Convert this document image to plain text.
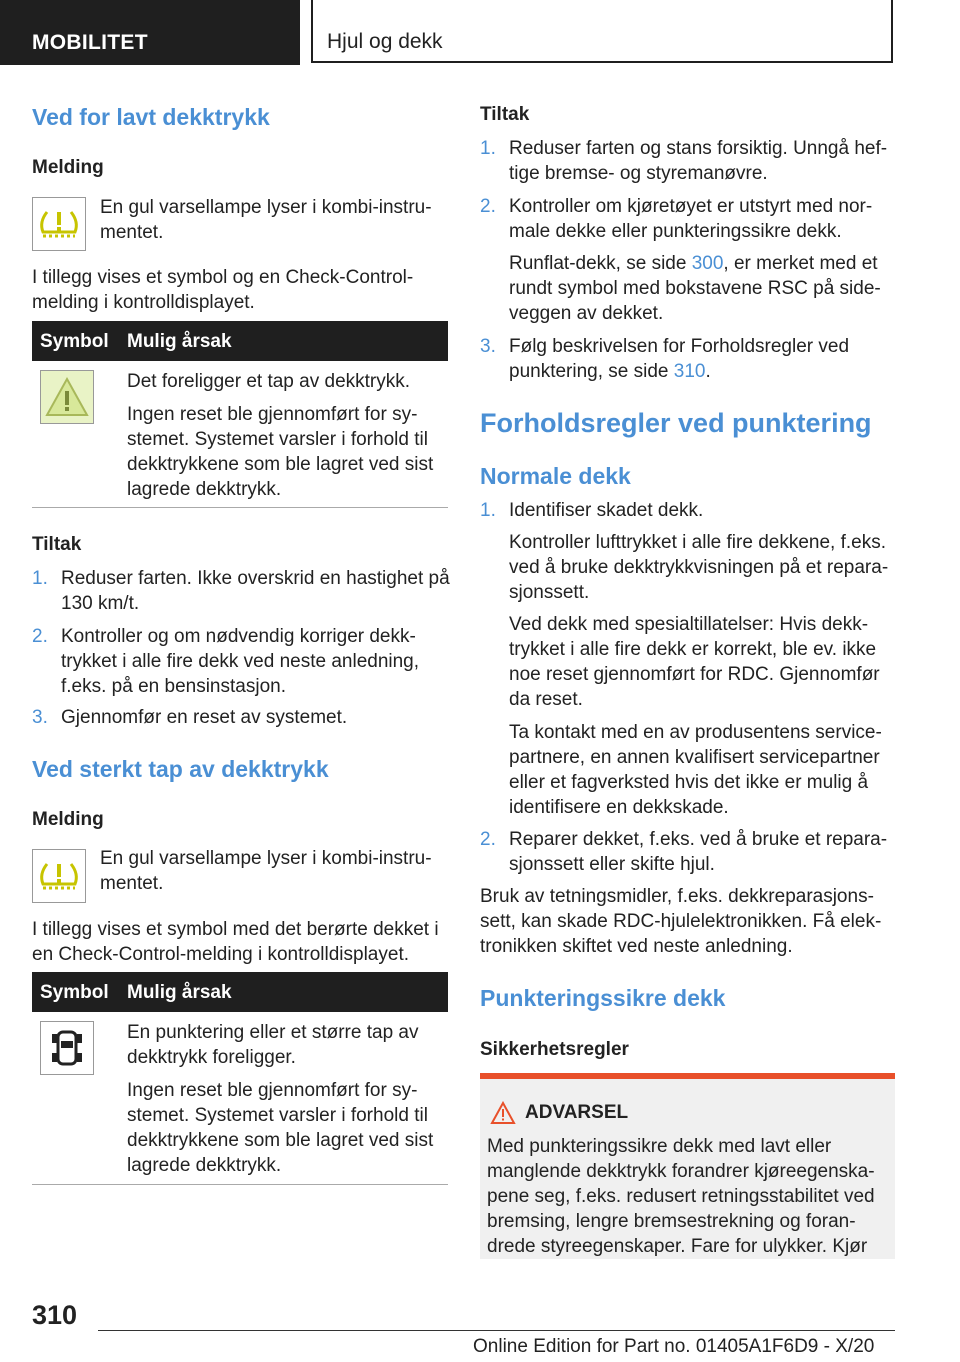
MOBILITET	Hjul og dekk
Ved for lavt dekktrykk
Melding
En gul varsellampe lyser i kombi-instru-
mentet.
I tillegg vises et symbol og en Check-Control-
melding i kontrolldisplayet.
Symbol Mulig årsak
Det foreligger et tap av dekktrykk.
Ingen reset ble gjennomført for sy-
stemet. Systemet varsler i forhold til
dekktrykkene som ble lagret ved sist
lagrede dekktrykk.
Tiltak
1. Reduser farten. Ikke overskrid en hastighet på
130 km/t.
2. Kontroller og om nødvendig korriger dekk-
trykket i alle fire dekk ved neste anledning,
f.eks. på en bensinstasjon.
3. Gjennomfør en reset av systemet.
Ved sterkt tap av dekktrykk
Melding
En gul varsellampe lyser i kombi-instru-
mentet.
I tillegg vises et symbol med det berørte dekket i
en Check-Control-melding i kontrolldisplayet.
Symbol Mulig årsak
En punktering eller et større tap av
dekktrykk foreligger.
Ingen reset ble gjennomført for sy-
stemet. Systemet varsler i forhold til
dekktrykkene som ble lagret ved sist
lagrede dekktrykk.
Tiltak
1. Reduser farten og stans forsiktig. Unngå hef-
tige bremse- og styremanøvre.
2. Kontroller om kjøretøyet er utstyrt med nor-
male dekke eller punkteringssikre dekk.
Runflat-dekk, se side 300, er merket med et
rundt symbol med bokstavene RSC på side-
veggen av dekket.
3. Følg beskrivelsen for Forholdsregler ved
punktering, se side 310.
Forholdsregler ved punktering
Normale dekk
1. Identifiser skadet dekk.
Kontroller lufttrykket i alle fire dekkene, f.eks.
ved å bruke dekktrykkvisningen på et repara-
sjonssett.
Ved dekk med spesialtillatelser: Hvis dekk-
trykket i alle fire dekk er korrekt, ble ev. ikke
noe reset gjennomført for RDC. Gjennomfør
da reset.
Ta kontakt med en av produsentens service-
partnere, en annen kvalifisert servicepartner
eller et fagverksted hvis det ikke er mulig å
identifisere en dekkskade.
2. Reparer dekket, f.eks. ved å bruke et repara-
sjonssett eller skifte hjul.
Bruk av tetningsmidler, f.eks. dekkreparasjons-
sett, kan skade RDC-hjulelektronikken. Få elek-
tronikken skiftet ved neste anledning.
Punkteringssikre dekk
Sikkerhetsregler
ADVARSEL
Med punkteringssikre dekk med lavt eller
manglende dekktrykk forandrer kjøreegenska-
pene seg, f.eks. redusert retningsstabilitet ved
bremsing, lengre bremsestrekning og foran-
drede styreegenskaper. Fare for ulykker. Kjør
310
Online Edition for Part no. 01405A1F6D9 - X/20
